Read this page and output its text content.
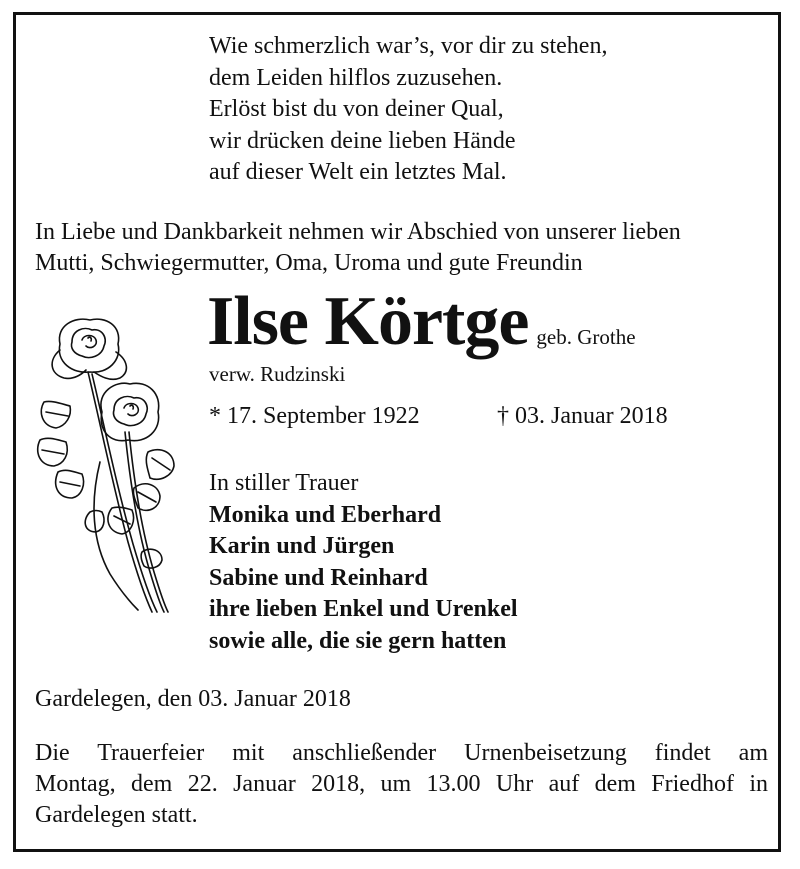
Wie schmerzlich war’s, vor dir zu stehen,
dem Leiden hilflos zuzusehen.
Erlöst bist du von deiner Qual,
wir drücken deine lieben Hände
auf dieser Welt ein letztes Mal.
In Liebe und Dankbarkeit nehmen wir Abschied von unserer lieben
Mutti, Schwiegermutter, Oma, Uroma und gute Freundin
Ilse Körtge geb. Grothe
verw. Rudzinski
* 17. September 1922	† 03. Januar 2018
In stiller Trauer
Monika und Eberhard
Karin und Jürgen
Sabine und Reinhard
ihre lieben Enkel und Urenkel
sowie alle, die sie gern hatten
Gardelegen, den 03. Januar 2018
Die Trauerfeier mit anschließender Urnenbeisetzung findet am
Montag, dem 22. Januar 2018, um 13.00 Uhr auf dem Friedhof in
Gardelegen statt.
